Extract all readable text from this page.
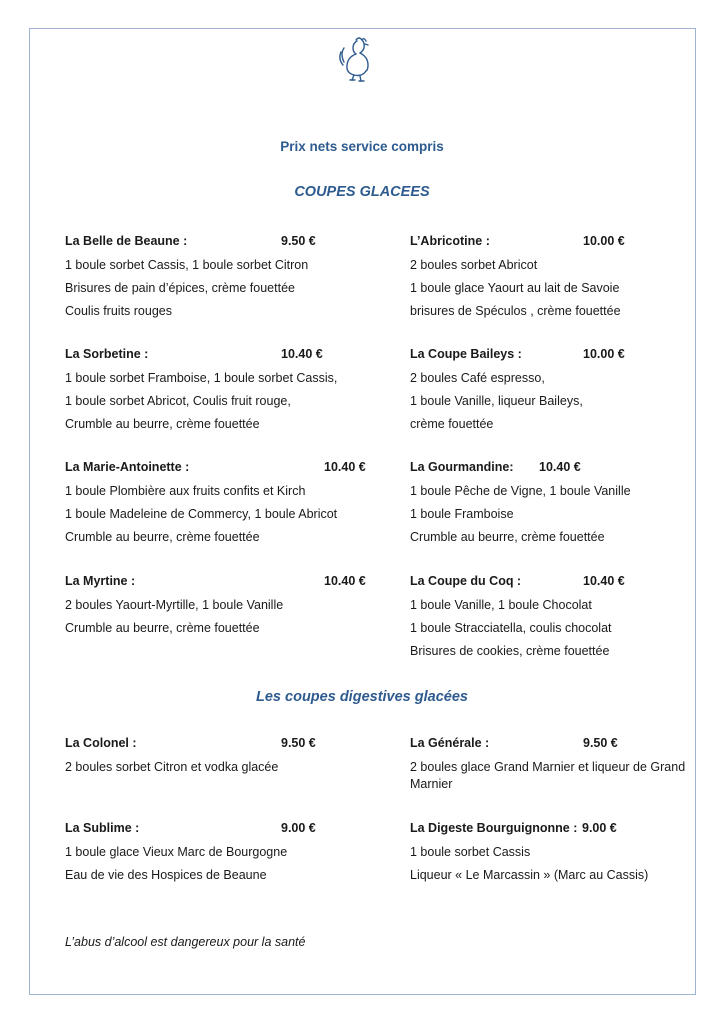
Prix nets service compris
COUPES GLACEES
La Belle de Beaune :	9.50 €
1 boule sorbet Cassis, 1 boule sorbet Citron
Brisures de pain d’épices, crème fouettée
Coulis fruits rouges
L’Abricotine :	10.00 €
2 boules sorbet Abricot
1 boule glace Yaourt au lait de Savoie
brisures de Spéculos , crème fouettée
La Sorbetine :	10.40 €
1 boule sorbet Framboise, 1 boule sorbet Cassis,
1 boule sorbet Abricot, Coulis fruit rouge,
Crumble au beurre, crème fouettée
La Coupe Baileys :	10.00 €
2 boules Café espresso,
1 boule Vanille, liqueur Baileys,
crème fouettée
La Marie-Antoinette :	10.40 €
1 boule Plombière aux fruits confits et Kirch
1 boule Madeleine de Commercy, 1 boule Abricot
Crumble au beurre, crème fouettée
La Gourmandine: 10.40 €
1 boule Pêche de Vigne, 1 boule Vanille
1 boule Framboise
Crumble au beurre, crème fouettée
La Myrtine :	10.40 €
2 boules Yaourt-Myrtille, 1 boule Vanille
Crumble au beurre, crème fouettée
La Coupe du Coq :	10.40 €
1 boule Vanille, 1 boule Chocolat
1 boule Stracciatella, coulis chocolat
Brisures de cookies, crème fouettée
Les coupes digestives glacées
La Colonel :	9.50 €
2 boules sorbet Citron et vodka glacée
La Générale :	9.50 €
2 boules glace Grand Marnier et liqueur de Grand Marnier
La Sublime :	9.00 €
1 boule glace Vieux Marc de Bourgogne
Eau de vie des Hospices de Beaune
La Digeste Bourguignonne : 9.00 €
1 boule sorbet Cassis
Liqueur « Le Marcassin » (Marc au Cassis)
L’abus d’alcool est dangereux pour la santé
